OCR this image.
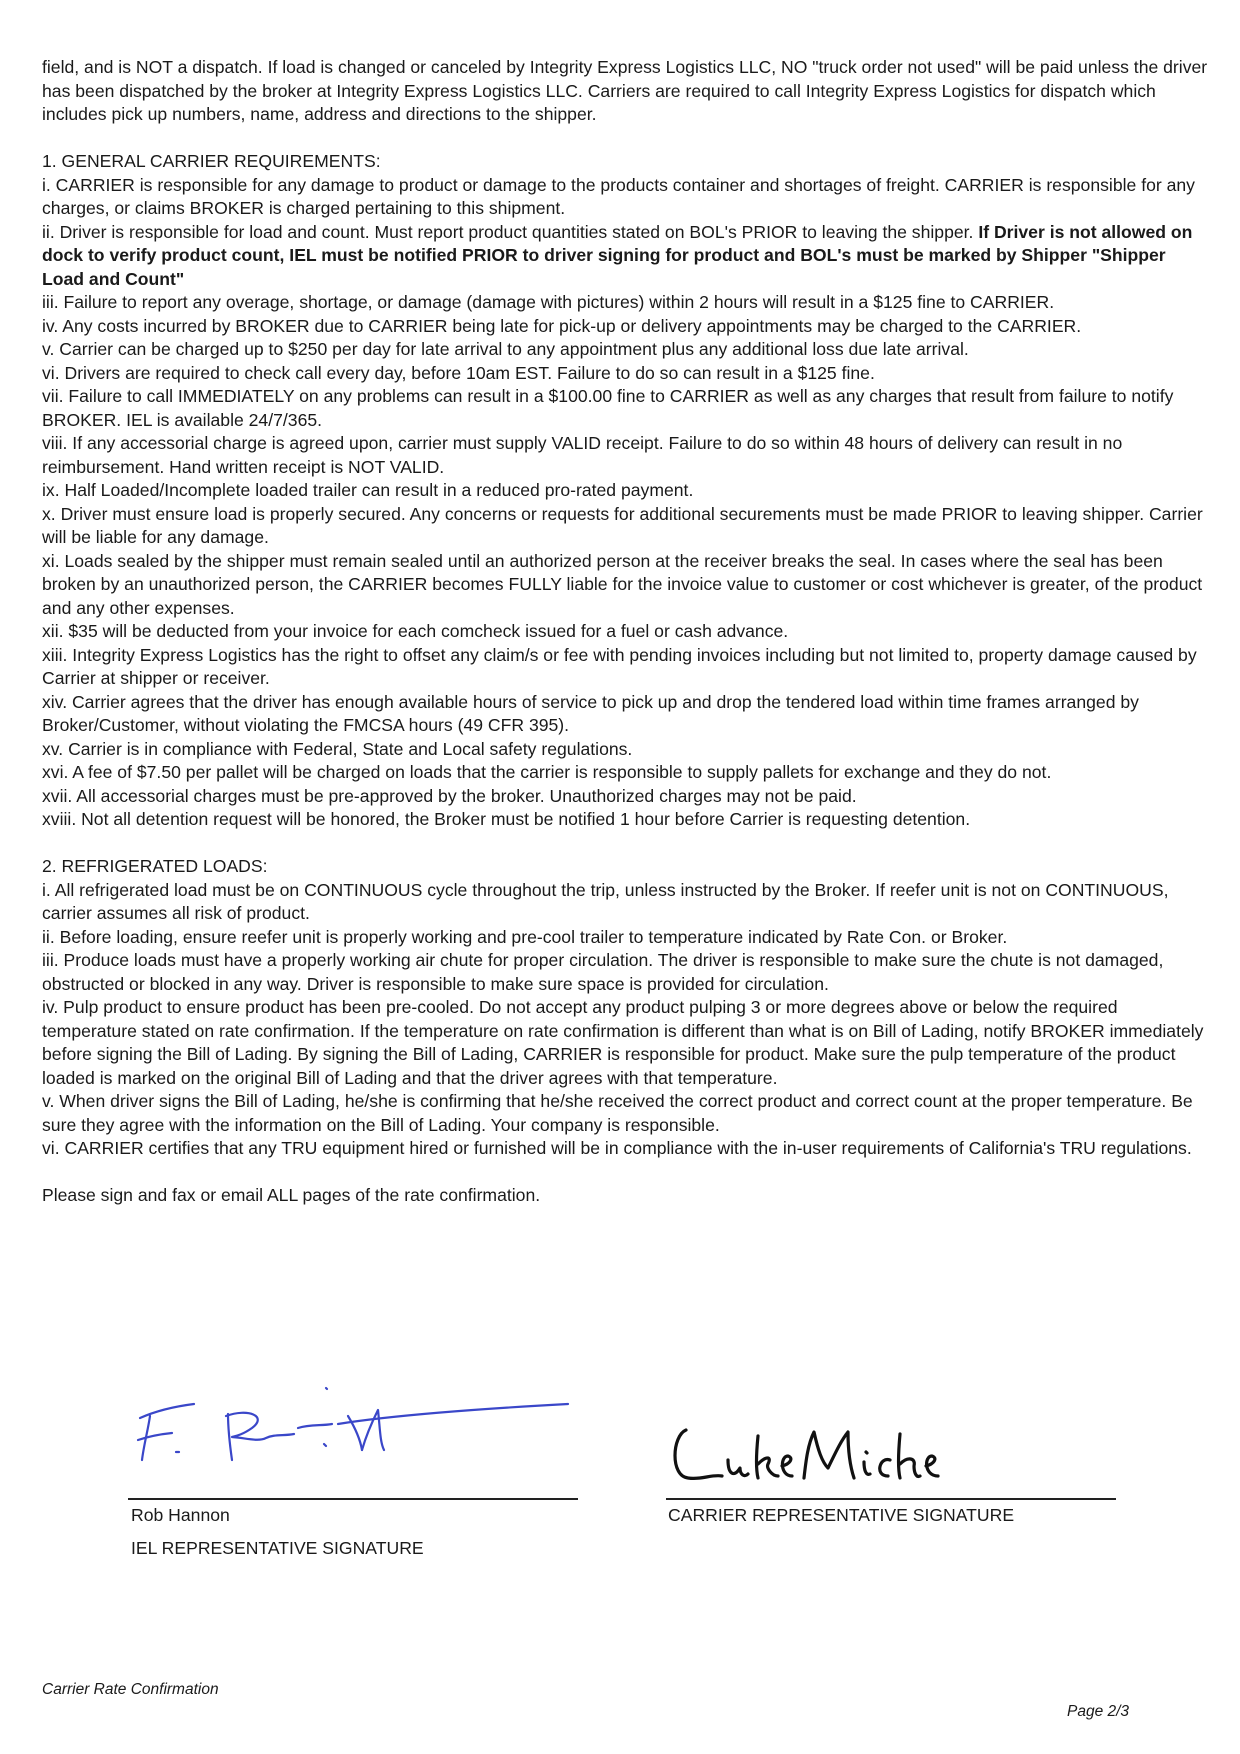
field, and is NOT a dispatch. If load is changed or canceled by Integrity Express Logistics LLC, NO "truck order not used" will be paid unless the driver has been dispatched by the broker at Integrity Express Logistics LLC. Carriers are required to call Integrity Express Logistics for dispatch which includes pick up numbers, name, address and directions to the shipper.

1. GENERAL CARRIER REQUIREMENTS:

i. CARRIER is responsible for any damage to product or damage to the products container and shortages of freight. CARRIER is responsible for any charges, or claims BROKER is charged pertaining to this shipment.

ii. Driver is responsible for load and count. Must report product quantities stated on BOL's PRIOR to leaving the shipper. If Driver is not allowed on dock to verify product count, IEL must be notified PRIOR to driver signing for product and BOL's must be marked by Shipper "Shipper Load and Count"

iii. Failure to report any overage, shortage, or damage (damage with pictures) within 2 hours will result in a $125 fine to CARRIER.

iv. Any costs incurred by BROKER due to CARRIER being late for pick-up or delivery appointments may be charged to the CARRIER.

v. Carrier can be charged up to $250 per day for late arrival to any appointment plus any additional loss due late arrival.

vi. Drivers are required to check call every day, before 10am EST. Failure to do so can result in a $125 fine.

vii. Failure to call IMMEDIATELY on any problems can result in a $100.00 fine to CARRIER as well as any charges that result from failure to notify BROKER. IEL is available 24/7/365.

viii. If any accessorial charge is agreed upon, carrier must supply VALID receipt. Failure to do so within 48 hours of delivery can result in no reimbursement. Hand written receipt is NOT VALID.

ix. Half Loaded/Incomplete loaded trailer can result in a reduced pro-rated payment.

x. Driver must ensure load is properly secured. Any concerns or requests for additional securements must be made PRIOR to leaving shipper. Carrier will be liable for any damage.

xi. Loads sealed by the shipper must remain sealed until an authorized person at the receiver breaks the seal. In cases where the seal has been broken by an unauthorized person, the CARRIER becomes FULLY liable for the invoice value to customer or cost whichever is greater, of the product and any other expenses.

xii. $35 will be deducted from your invoice for each comcheck issued for a fuel or cash advance.

xiii. Integrity Express Logistics has the right to offset any claim/s or fee with pending invoices including but not limited to, property damage caused by Carrier at shipper or receiver.

xiv. Carrier agrees that the driver has enough available hours of service to pick up and drop the tendered load within time frames arranged by Broker/Customer, without violating the FMCSA hours (49 CFR 395).

xv. Carrier is in compliance with Federal, State and Local safety regulations.

xvi. A fee of $7.50 per pallet will be charged on loads that the carrier is responsible to supply pallets for exchange and they do not.

xvii. All accessorial charges must be pre-approved by the broker. Unauthorized charges may not be paid.

xviii. Not all detention request will be honored, the Broker must be notified 1 hour before Carrier is requesting detention.

2. REFRIGERATED LOADS:

i. All refrigerated load must be on CONTINUOUS cycle throughout the trip, unless instructed by the Broker. If reefer unit is not on CONTINUOUS, carrier assumes all risk of product.

ii. Before loading, ensure reefer unit is properly working and pre-cool trailer to temperature indicated by Rate Con. or Broker.

iii. Produce loads must have a properly working air chute for proper circulation. The driver is responsible to make sure the chute is not damaged, obstructed or blocked in any way. Driver is responsible to make sure space is provided for circulation.

iv. Pulp product to ensure product has been pre-cooled. Do not accept any product pulping 3 or more degrees above or below the required temperature stated on rate confirmation. If the temperature on rate confirmation is different than what is on Bill of Lading, notify BROKER immediately before signing the Bill of Lading. By signing the Bill of Lading, CARRIER is responsible for product. Make sure the pulp temperature of the product loaded is marked on the original Bill of Lading and that the driver agrees with that temperature.

v. When driver signs the Bill of Lading, he/she is confirming that he/she received the correct product and correct count at the proper temperature. Be sure they agree with the information on the Bill of Lading. Your company is responsible.

vi. CARRIER certifies that any TRU equipment hired or furnished will be in compliance with the in-user requirements of California's TRU regulations.

Please sign and fax or email ALL pages of the rate confirmation.

Rob Hannon
IEL REPRESENTATIVE SIGNATURE
CARRIER REPRESENTATIVE SIGNATURE
Carrier Rate Confirmation
Page 2/3
